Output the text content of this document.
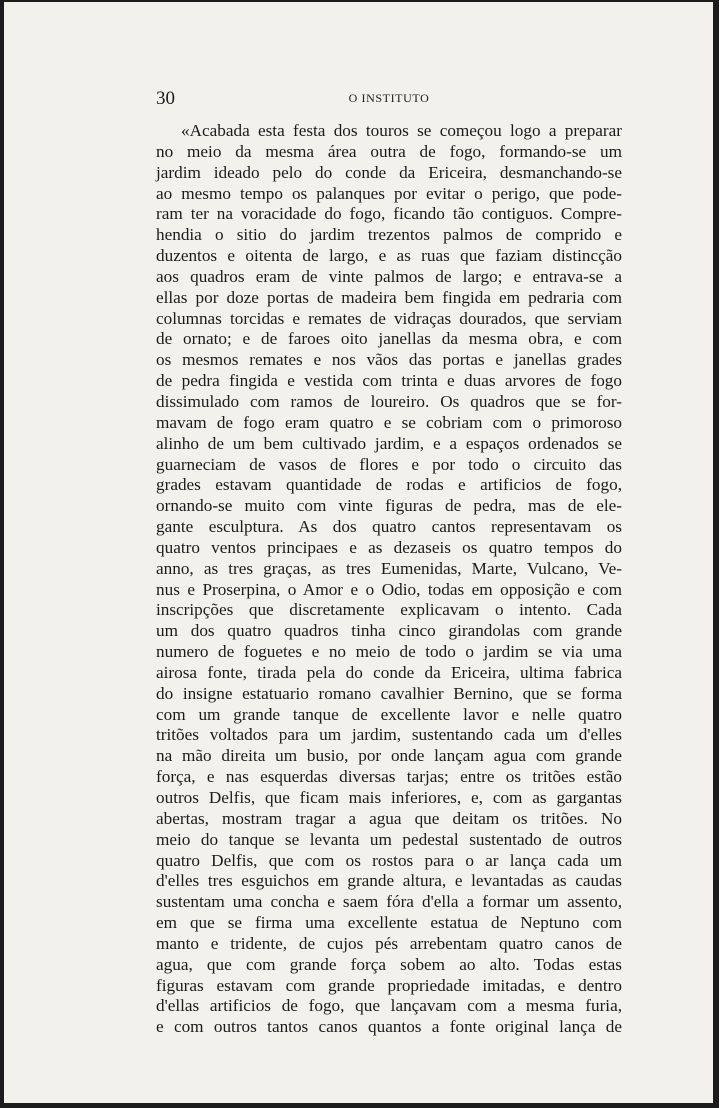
30	O INSTITUTO
«Acabada esta festa dos touros se começou logo a preparar
no meio da mesma área outra de fogo, formando-se um
jardim ideado pelo do conde da Ericeira, desmanchando-se
ao mesmo tempo os palanques por evitar o perigo, que pode-
ram ter na voracidade do fogo, ficando tão contiguos. Compre-
hendia o sitio do jardim trezentos palmos de comprido e
duzentos e oitenta de largo, e as ruas que faziam distincção
aos quadros eram de vinte palmos de largo; e entrava-se a
ellas por doze portas de madeira bem fingida em pedraria com
columnas torcidas e remates de vidraças dourados, que serviam
de ornato; e de faroes oito janellas da mesma obra, e com
os mesmos remates e nos vãos das portas e janellas grades
de pedra fingida e vestida com trinta e duas arvores de fogo
dissimulado com ramos de loureiro. Os quadros que se for-
mavam de fogo eram quatro e se cobriam com o primoroso
alinho de um bem cultivado jardim, e a espaços ordenados se
guarneciam de vasos de flores e por todo o circuito das
grades estavam quantidade de rodas e artificios de fogo,
ornando-se muito com vinte figuras de pedra, mas de ele-
gante esculptura. As dos quatro cantos representavam os
quatro ventos principaes e as dezaseis os quatro tempos do
anno, as tres graças, as tres Eumenidas, Marte, Vulcano, Ve-
nus e Proserpina, o Amor e o Odio, todas em opposição e com
inscripções que discretamente explicavam o intento. Cada
um dos quatro quadros tinha cinco girandolas com grande
numero de foguetes e no meio de todo o jardim se via uma
airosa fonte, tirada pela do conde da Ericeira, ultima fabrica
do insigne estatuario romano cavalhier Bernino, que se forma
com um grande tanque de excellente lavor e nelle quatro
tritões voltados para um jardim, sustentando cada um d'elles
na mão direita um busio, por onde lançam agua com grande
força, e nas esquerdas diversas tarjas; entre os tritões estão
outros Delfis, que ficam mais inferiores, e, com as gargantas
abertas, mostram tragar a agua que deitam os tritões. No
meio do tanque se levanta um pedestal sustentado de outros
quatro Delfis, que com os rostos para o ar lança cada um
d'elles tres esguichos em grande altura, e levantadas as caudas
sustentam uma concha e saem fóra d'ella a formar um assento,
em que se firma uma excellente estatua de Neptuno com
manto e tridente, de cujos pés arrebentam quatro canos de
agua, que com grande força sobem ao alto. Todas estas
figuras estavam com grande propriedade imitadas, e dentro
d'ellas artificios de fogo, que lançavam com a mesma furia,
e com outros tantos canos quantos a fonte original lança de
